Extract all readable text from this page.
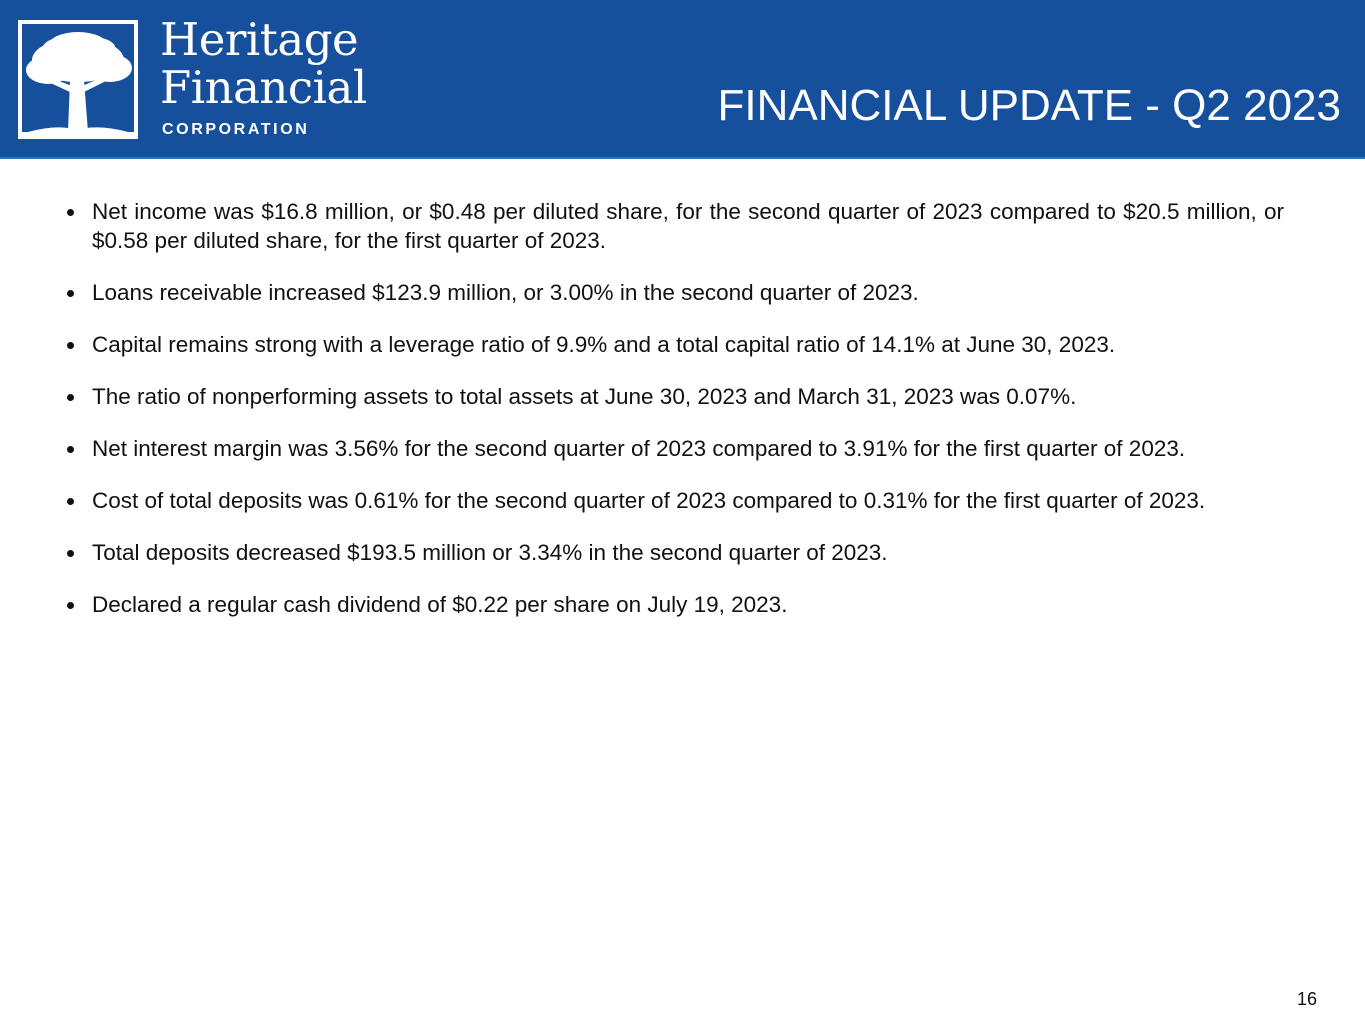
Heritage
Financial
CORPORATION	FINANCIAL UPDATE - Q2 2023
Net income was $16.8 million, or $0.48 per diluted share, for the second quarter of 2023 compared to $20.5 million, or $0.58 per diluted share, for the first quarter of 2023.
Loans receivable increased $123.9 million, or 3.00% in the second quarter of 2023.
Capital remains strong with a leverage ratio of 9.9% and a total capital ratio of 14.1% at June 30, 2023.
The ratio of nonperforming assets to total assets at June 30, 2023 and March 31, 2023 was 0.07%.
Net interest margin was 3.56% for the second quarter of 2023 compared to 3.91% for the first quarter of 2023.
Cost of total deposits was 0.61% for the second quarter of 2023 compared to 0.31% for the first quarter of 2023.
Total deposits decreased $193.5 million or 3.34% in the second quarter of 2023.
Declared a regular cash dividend of $0.22 per share on July 19, 2023.
16
